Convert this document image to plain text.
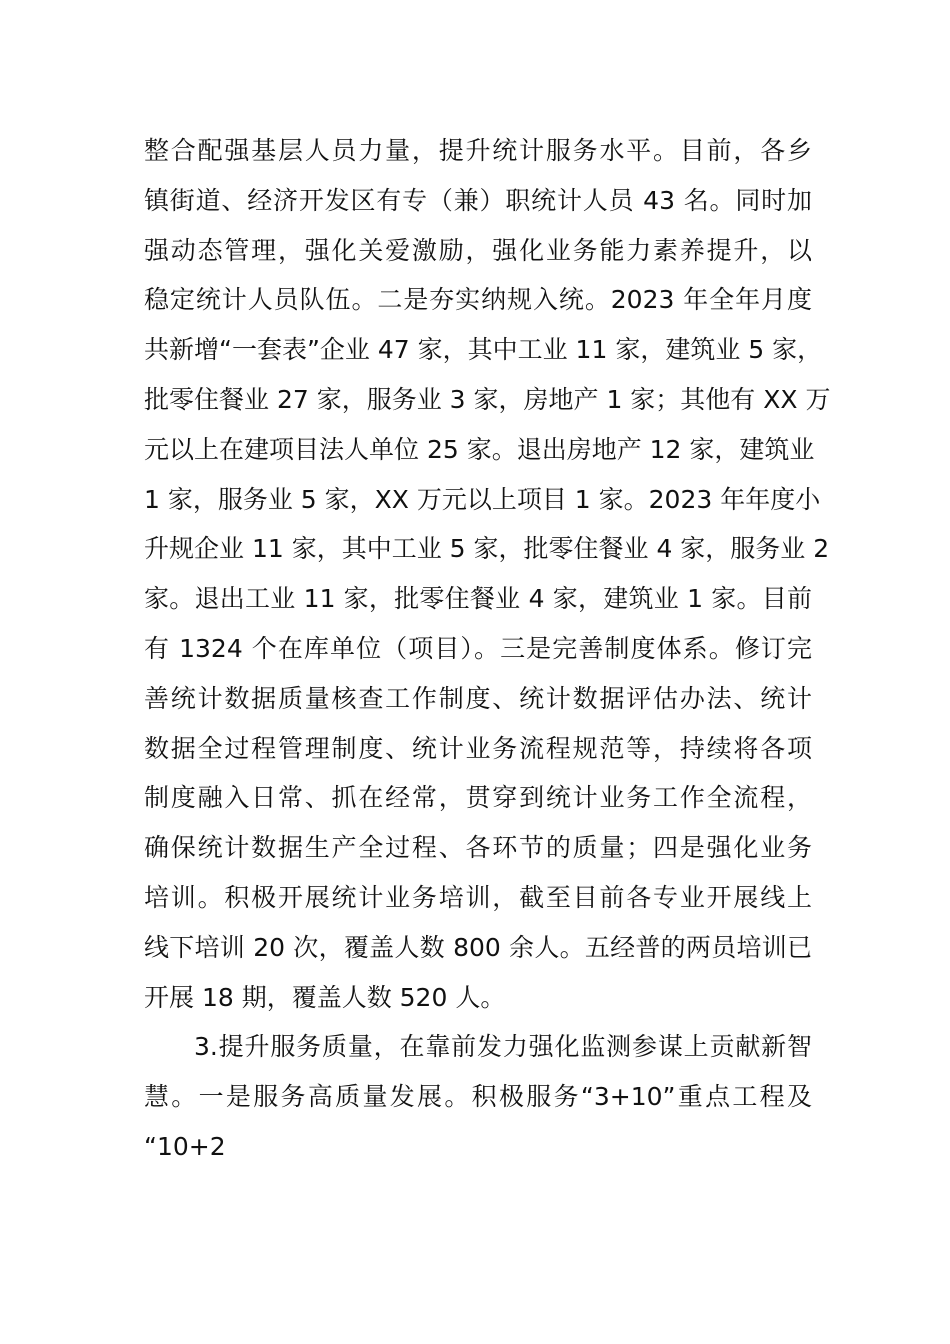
整合配强基层人员力量，提升统计服务水平。目前，各乡
镇街道、经济开发区有专（兼）职统计人员 43 名。同时加
强动态管理，强化关爱激励，强化业务能力素养提升，以
稳定统计人员队伍。二是夯实纳规入统。2023 年全年月度
共新增“一套表”企业 47 家，其中工业 11 家，建筑业 5 家，
批零住餐业 27 家，服务业 3 家，房地产 1 家；其他有 XX 万
元以上在建项目法人单位 25 家。退出房地产 12 家，建筑业
1 家，服务业 5 家，XX 万元以上项目 1 家。2023 年年度小
升规企业 11 家，其中工业 5 家，批零住餐业 4 家，服务业 2
家。退出工业 11 家，批零住餐业 4 家，建筑业 1 家。目前
有 1324 个在库单位（项目）。三是完善制度体系。修订完
善统计数据质量核查工作制度、统计数据评估办法、统计
数据全过程管理制度、统计业务流程规范等，持续将各项
制度融入日常、抓在经常，贯穿到统计业务工作全流程，
确保统计数据生产全过程、各环节的质量；四是强化业务
培训。积极开展统计业务培训，截至目前各专业开展线上
线下培训 20 次，覆盖人数 800 余人。五经普的两员培训已
开展 18 期，覆盖人数 520 人。
3.提升服务质量，在靠前发力强化监测参谋上贡献新智
慧。一是服务高质量发展。积极服务“3+10”重点工程及
“10+2
